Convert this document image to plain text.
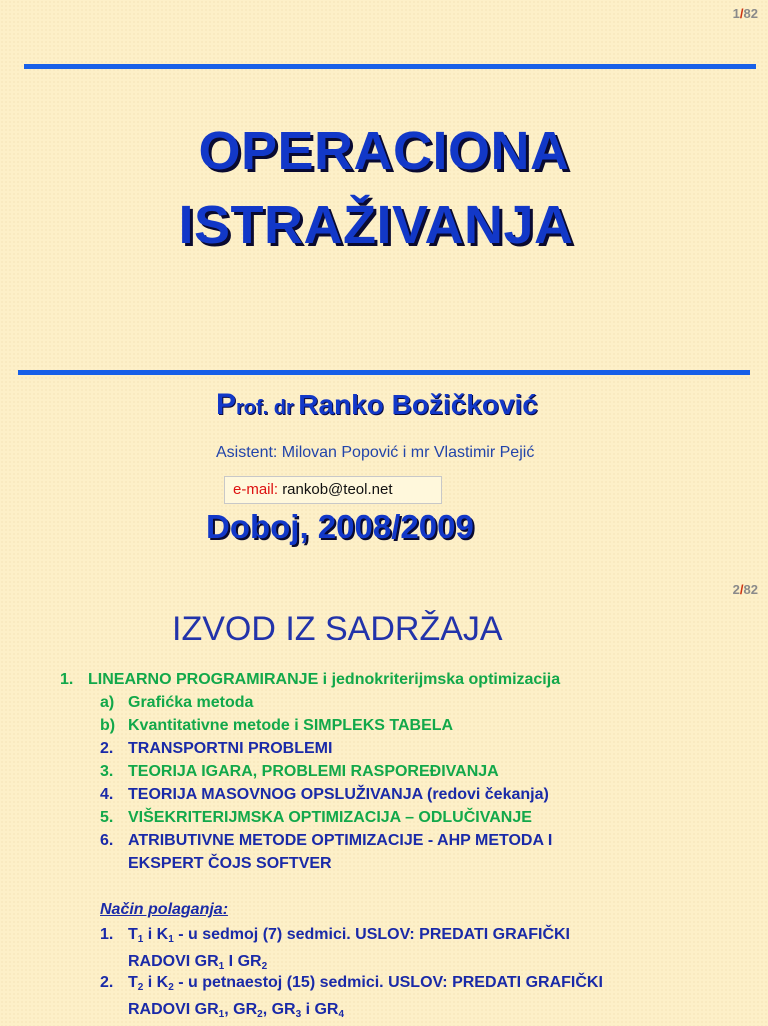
1/82
OPERACIONA
ISTRAŽIVANJA
Prof. dr Ranko Božičković
Asistent: Milovan Popović i mr Vlastimir Pejić
e-mail: rankob@teol.net
Doboj, 2008/2009
2/82
IZVOD IZ SADRŽAJA
1. LINEARNO PROGRAMIRANJE i jednokriterijmska optimizacija
a) Grafićka metoda
b) Kvantitativne metode i SIMPLEKS TABELA
2. TRANSPORTNI PROBLEMI
3. TEORIJA IGARA, PROBLEMI RASPOREĐIVANJA
4. TEORIJA MASOVNOG OPSLUŽIVANJA (redovi čekanja)
5. VIŠEKRITERIJMSKA OPTIMIZACIJA – ODLUČIVANJE
6. ATRIBUTIVNE METODE OPTIMIZACIJE - AHP METODA I
EKSPERT ČOJS SOFTVER
Način polaganja:
1. $T_1$ i $K_1$ - u sedmoj (7) sedmici. USLOV: PREDATI GRAFIČKI
RADOVI $GR_1$ I $GR_2$
2. $T_2$ i $K_2$ - u petnaestoj (15) sedmici. USLOV: PREDATI GRAFIČKI
RADOVI $GR_1$, $GR_2$, $GR_3$ i $GR_4$
